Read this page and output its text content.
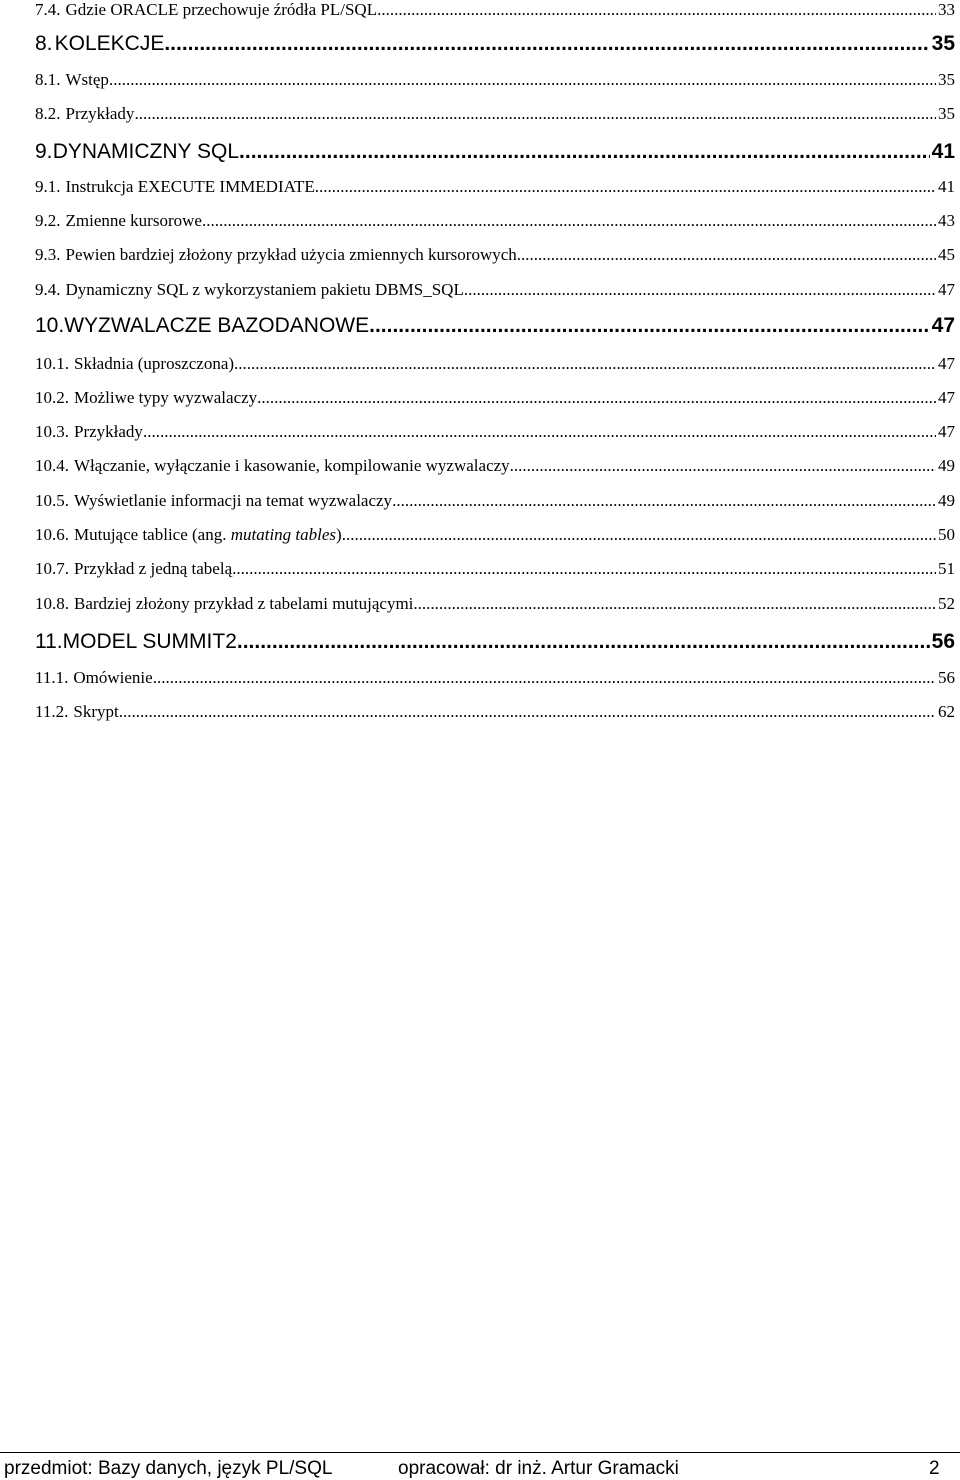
7.4. Gdzie ORACLE przechowuje źródła PL/SQL .....	33
8. KOLEKCJE .....	35
8.1. Wstęp .....	35
8.2. Przykłady .....	35
9. DYNAMICZNY SQL .....	41
9.1. Instrukcja EXECUTE IMMEDIATE .....	41
9.2. Zmienne kursorowe .....	43
9.3. Pewien bardziej złożony przykład użycia zmiennych kursorowych .....	45
9.4. Dynamiczny SQL z wykorzystaniem pakietu DBMS_SQL .....	47
10. WYZWALACZE BAZODANOWE .....	47
10.1. Składnia (uproszczona) .....	47
10.2. Możliwe typy wyzwalaczy .....	47
10.3. Przykłady .....	47
10.4. Włączanie, wyłączanie i kasowanie, kompilowanie wyzwalaczy .....	49
10.5. Wyświetlanie informacji na temat wyzwalaczy .....	49
10.6. Mutujące tablice (ang. mutating tables) .....	50
10.7. Przykład z jedną tabelą .....	51
10.8. Bardziej złożony przykład z tabelami mutującymi .....	52
11. MODEL SUMMIT2 .....	56
11.1. Omówienie .....	56
11.2. Skrypt .....	62
przedmiot: Bazy danych, język PL/SQL	opracował: dr inż. Artur Gramacki	2
